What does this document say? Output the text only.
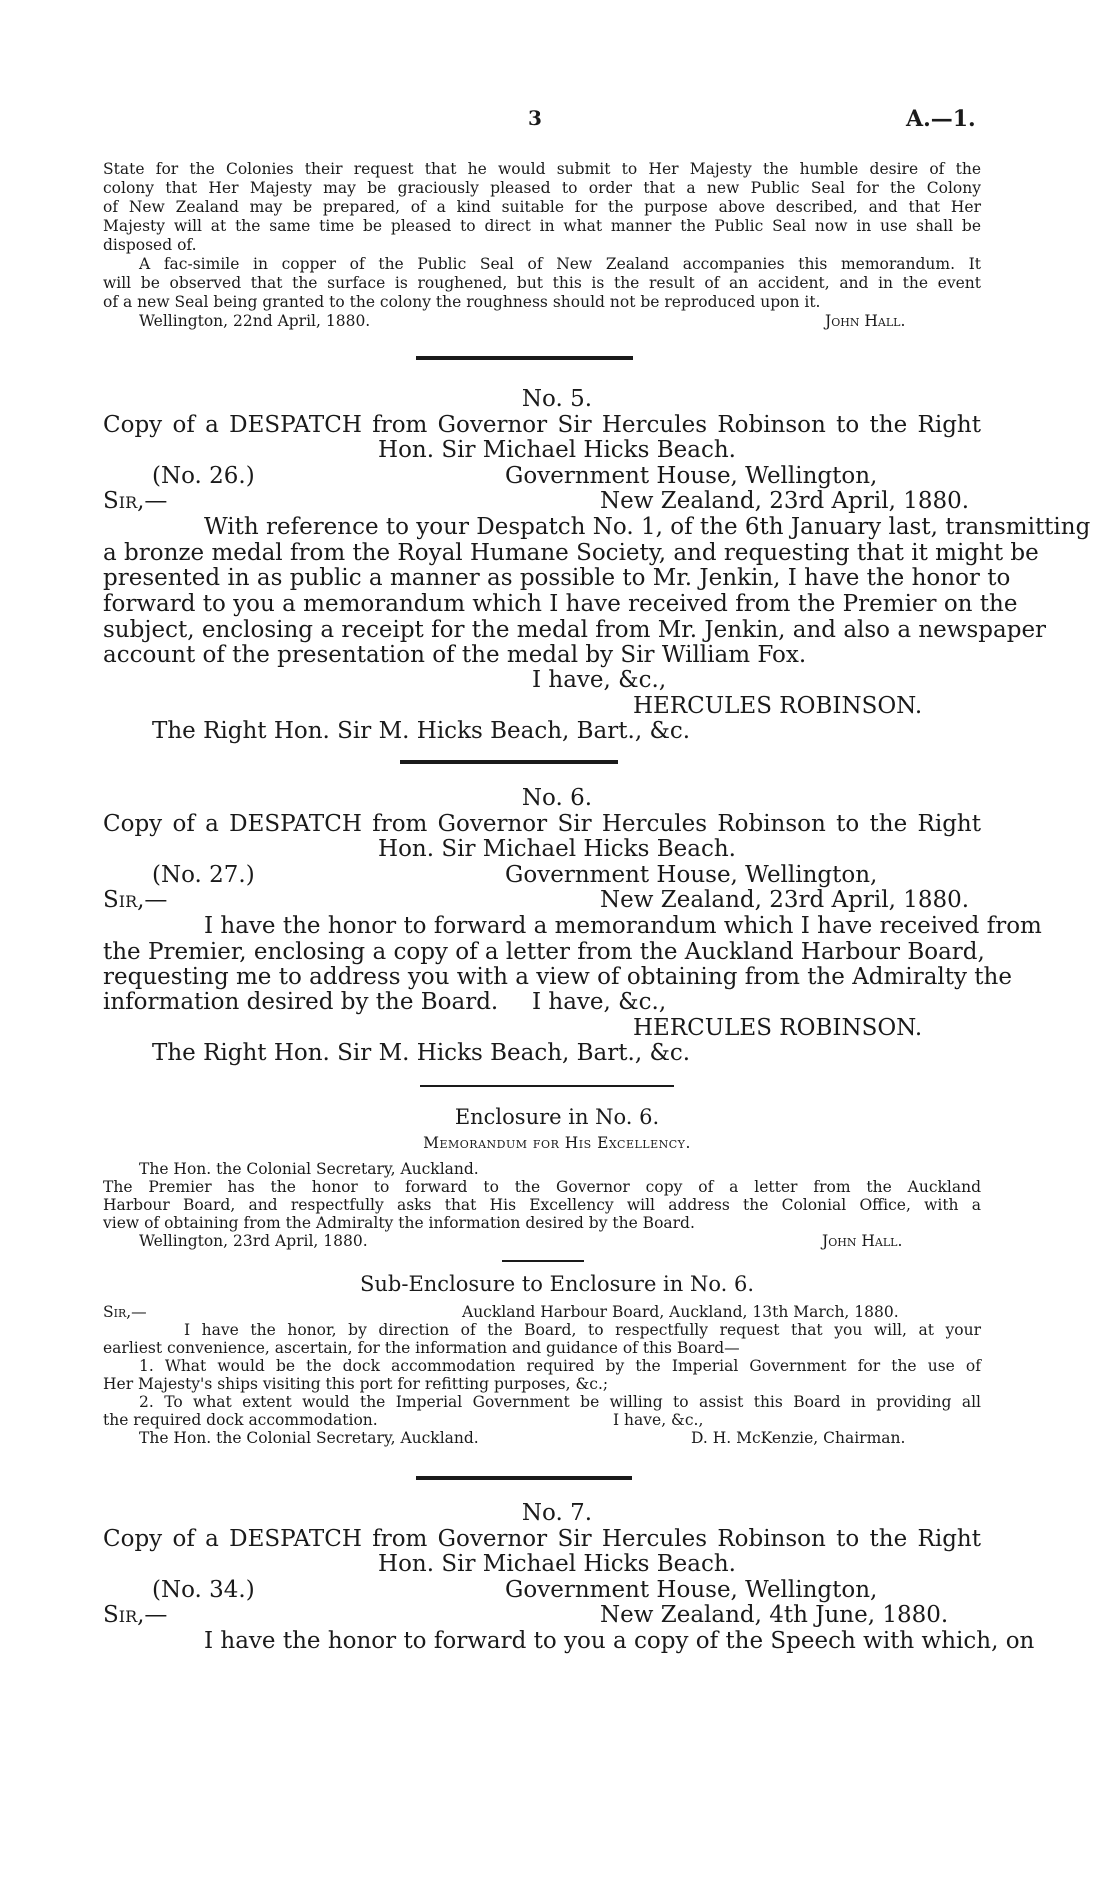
3	A.—1.
State for the Colonies their request that he would submit to Her Majesty the humble desire of the
colony that Her Majesty may be graciously pleased to order that a new Public Seal for the Colony
of New Zealand may be prepared, of a kind suitable for the purpose above described, and that Her
Majesty will at the same time be pleased to direct in what manner the Public Seal now in use shall be
disposed of.
A fac-simile in copper of the Public Seal of New Zealand accompanies this memorandum. It
will be observed that the surface is roughened, but this is the result of an accident, and in the event
of a new Seal being granted to the colony the roughness should not be reproduced upon it.
Wellington, 22nd April, 1880.	John Hall.
No. 5.
Copy of a DESPATCH from Governor Sir Hercules Robinson to the Right
Hon. Sir Michael Hicks Beach.
(No. 26.)	Government House, Wellington,
Sir,—	New Zealand, 23rd April, 1880.
With reference to your Despatch No. 1, of the 6th January last, transmitting
a bronze medal from the Royal Humane Society, and requesting that it might be
presented in as public a manner as possible to Mr. Jenkin, I have the honor to
forward to you a memorandum which I have received from the Premier on the
subject, enclosing a receipt for the medal from Mr. Jenkin, and also a newspaper
account of the presentation of the medal by Sir William Fox.
I have, &c.,
HERCULES ROBINSON.
The Right Hon. Sir M. Hicks Beach, Bart., &c.
No. 6.
Copy of a DESPATCH from Governor Sir Hercules Robinson to the Right
Hon. Sir Michael Hicks Beach.
(No. 27.)	Government House, Wellington,
Sir,—	New Zealand, 23rd April, 1880.
I have the honor to forward a memorandum which I have received from
the Premier, enclosing a copy of a letter from the Auckland Harbour Board,
requesting me to address you with a view of obtaining from the Admiralty the
information desired by the Board. I have, &c.,
HERCULES ROBINSON.
The Right Hon. Sir M. Hicks Beach, Bart., &c.
Enclosure in No. 6.
Memorandum for His Excellency.
The Hon. the Colonial Secretary, Auckland.
The Premier has the honor to forward to the Governor copy of a letter from the Auckland
Harbour Board, and respectfully asks that His Excellency will address the Colonial Office, with a
view of obtaining from the Admiralty the information desired by the Board.
Wellington, 23rd April, 1880.	John Hall.
Sub-Enclosure to Enclosure in No. 6.
Sir,—	Auckland Harbour Board, Auckland, 13th March, 1880.
I have the honor, by direction of the Board, to respectfully request that you will, at your
earliest convenience, ascertain, for the information and guidance of this Board—
1. What would be the dock accommodation required by the Imperial Government for the use of
Her Majesty's ships visiting this port for refitting purposes, &c.;
2. To what extent would the Imperial Government be willing to assist this Board in providing all
the required dock accommodation.	I have, &c.,
The Hon. the Colonial Secretary, Auckland.	D. H. McKenzie, Chairman.
No. 7.
Copy of a DESPATCH from Governor Sir Hercules Robinson to the Right
Hon. Sir Michael Hicks Beach.
(No. 34.)	Government House, Wellington,
Sir,—	New Zealand, 4th June, 1880.
I have the honor to forward to you a copy of the Speech with which, on
